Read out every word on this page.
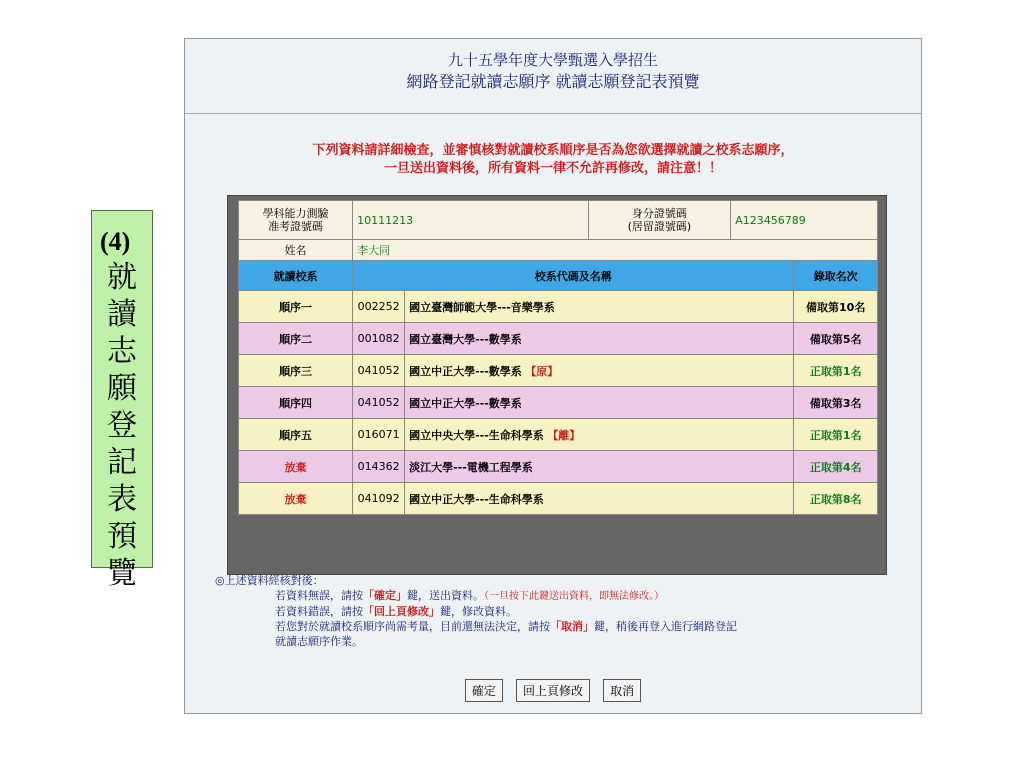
(4)
就
讀
志
願
登
記
表
預
覽
九十五學年度大學甄選入學招生
網路登記就讀志願序 就讀志願登記表預覽
下列資料請詳細檢查，並審慎核對就讀校系順序是否為您欲選擇就讀之校系志願序，
一旦送出資料後，所有資料一律不允許再修改，請注意！！
學科能力測驗
准考證號碼	10111213		身分證號碼
(居留證號碼)	A123456789	
姓名	李大同				
就讀校系	校系代碼及名稱				錄取名次
順序一	002252	國立臺灣師範大學---音樂學系			備取第10名
順序二	001082	國立臺灣大學---數學系			備取第5名
順序三	041052	國立中正大學---數學系 【原】			正取第1名
順序四	041052	國立中正大學---數學系			備取第3名
順序五	016071	國立中央大學---生命科學系 【離】			正取第1名
放棄	014362	淡江大學---電機工程學系			正取第4名
放棄	041092	國立中正大學---生命科學系			正取第8名
◎上述資料經核對後：
若資料無誤，請按「確定」鍵，送出資料。（一旦按下此鍵送出資料，即無法修改。）
若資料錯誤，請按「回上頁修改」鍵，修改資料。
若您對於就讀校系順序尚需考量，目前還無法決定，請按「取消」鍵，稍後再登入進行網路登記
就讀志願序作業。
確定 回上頁修改 取消
